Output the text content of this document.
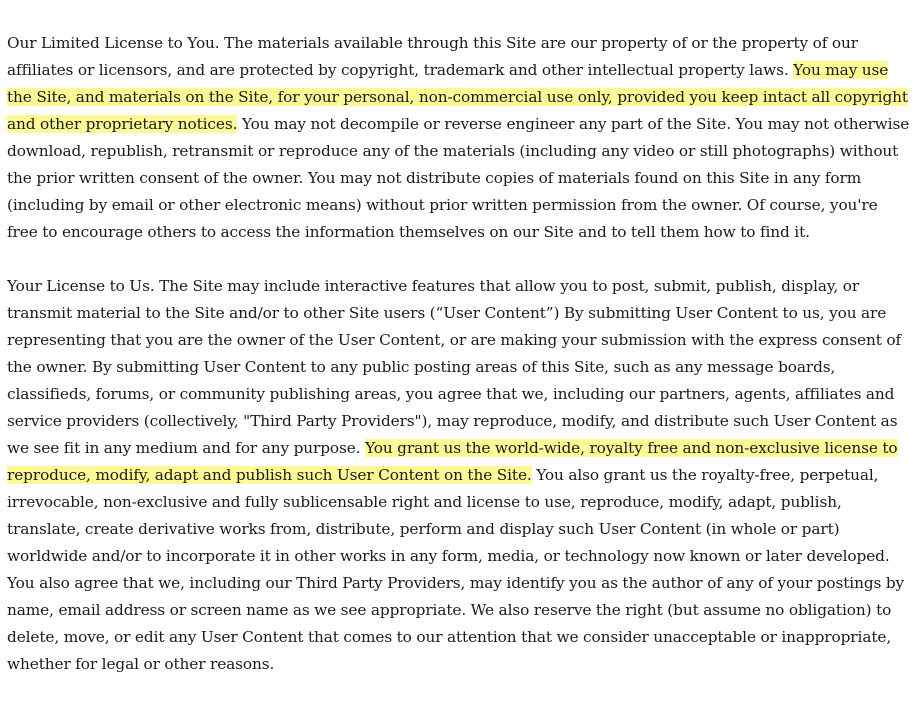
Our Limited License to You. The materials available through this Site are our property of or the property of our affiliates or licensors, and are protected by copyright, trademark and other intellectual property laws. You may use the Site, and materials on the Site, for your personal, non-commercial use only, provided you keep intact all copyright and other proprietary notices. You may not decompile or reverse engineer any part of the Site. You may not otherwise download, republish, retransmit or reproduce any of the materials (including any video or still photographs) without the prior written consent of the owner. You may not distribute copies of materials found on this Site in any form (including by email or other electronic means) without prior written permission from the owner. Of course, you're free to encourage others to access the information themselves on our Site and to tell them how to find it.

Your License to Us. The Site may include interactive features that allow you to post, submit, publish, display, or transmit material to the Site and/or to other Site users (“User Content”) By submitting User Content to us, you are representing that you are the owner of the User Content, or are making your submission with the express consent of the owner. By submitting User Content to any public posting areas of this Site, such as any message boards, classifieds, forums, or community publishing areas, you agree that we, including our partners, agents, affiliates and service providers (collectively, "Third Party Providers"), may reproduce, modify, and distribute such User Content as we see fit in any medium and for any purpose. You grant us the world-wide, royalty free and non-exclusive license to reproduce, modify, adapt and publish such User Content on the Site. You also grant us the royalty-free, perpetual, irrevocable, non-exclusive and fully sublicensable right and license to use, reproduce, modify, adapt, publish, translate, create derivative works from, distribute, perform and display such User Content (in whole or part) worldwide and/or to incorporate it in other works in any form, media, or technology now known or later developed. You also agree that we, including our Third Party Providers, may identify you as the author of any of your postings by name, email address or screen name as we see appropriate. We also reserve the right (but assume no obligation) to delete, move, or edit any User Content that comes to our attention that we consider unacceptable or inappropriate, whether for legal or other reasons.
